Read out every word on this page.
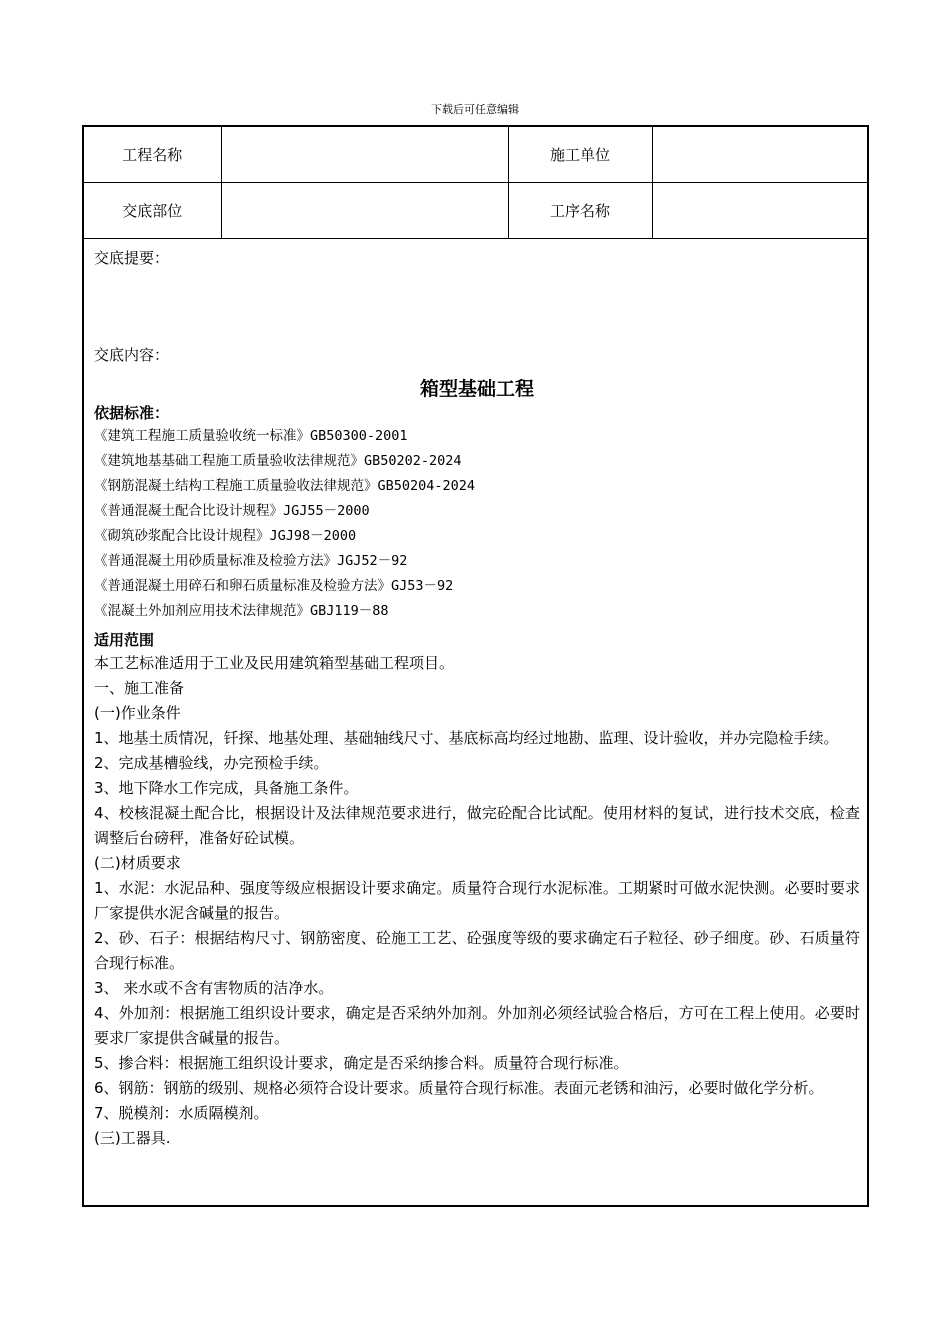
下载后可任意编辑
工程名称		施工单位	
交底部位		工序名称	

交底提要：

交底内容：

箱型基础工程

依据标准：

《建筑工程施工质量验收统一标准》GB50300-2001

《建筑地基基础工程施工质量验收法律规范》GB50202-2024

《钢筋混凝土结构工程施工质量验收法律规范》GB50204-2024

《普通混凝土配合比设计规程》JGJ55－2000

《砌筑砂浆配合比设计规程》JGJ98－2000

《普通混凝土用砂质量标准及检验方法》JGJ52－92

《普通混凝土用碎石和卵石质量标准及检验方法》GJ53－92

《混凝土外加剂应用技术法律规范》GBJ119－88

适用范围

本工艺标准适用于工业及民用建筑箱型基础工程项目。

一、施工准备

(一)作业条件

1、地基土质情况，钎探、地基处理、基础轴线尺寸、基底标高均经过地勘、监理、设计验收，并办完隐检手续。

2、完成基槽验线，办完预检手续。

3、地下降水工作完成，具备施工条件。

4、校核混凝土配合比，根据设计及法律规范要求进行，做完砼配合比试配。使用材料的复试，进行技术交底，检查调整后台磅秤，准备好砼试模。

(二)材质要求

1、水泥：水泥品种、强度等级应根据设计要求确定。质量符合现行水泥标准。工期紧时可做水泥快测。必要时要求厂家提供水泥含碱量的报告。

2、砂、石子：根据结构尺寸、钢筋密度、砼施工工艺、砼强度等级的要求确定石子粒径、砂子细度。砂、石质量符合现行标准。

3、 来水或不含有害物质的洁净水。

4、外加剂：根据施工组织设计要求，确定是否采纳外加剂。外加剂必须经试验合格后，方可在工程上使用。必要时要求厂家提供含碱量的报告。

5、掺合料：根据施工组织设计要求，确定是否采纳掺合料。质量符合现行标准。

6、钢筋：钢筋的级别、规格必须符合设计要求。质量符合现行标准。表面元老锈和油污，必要时做化学分析。

7、脱模剂：水质隔模剂。

(三)工器具.
